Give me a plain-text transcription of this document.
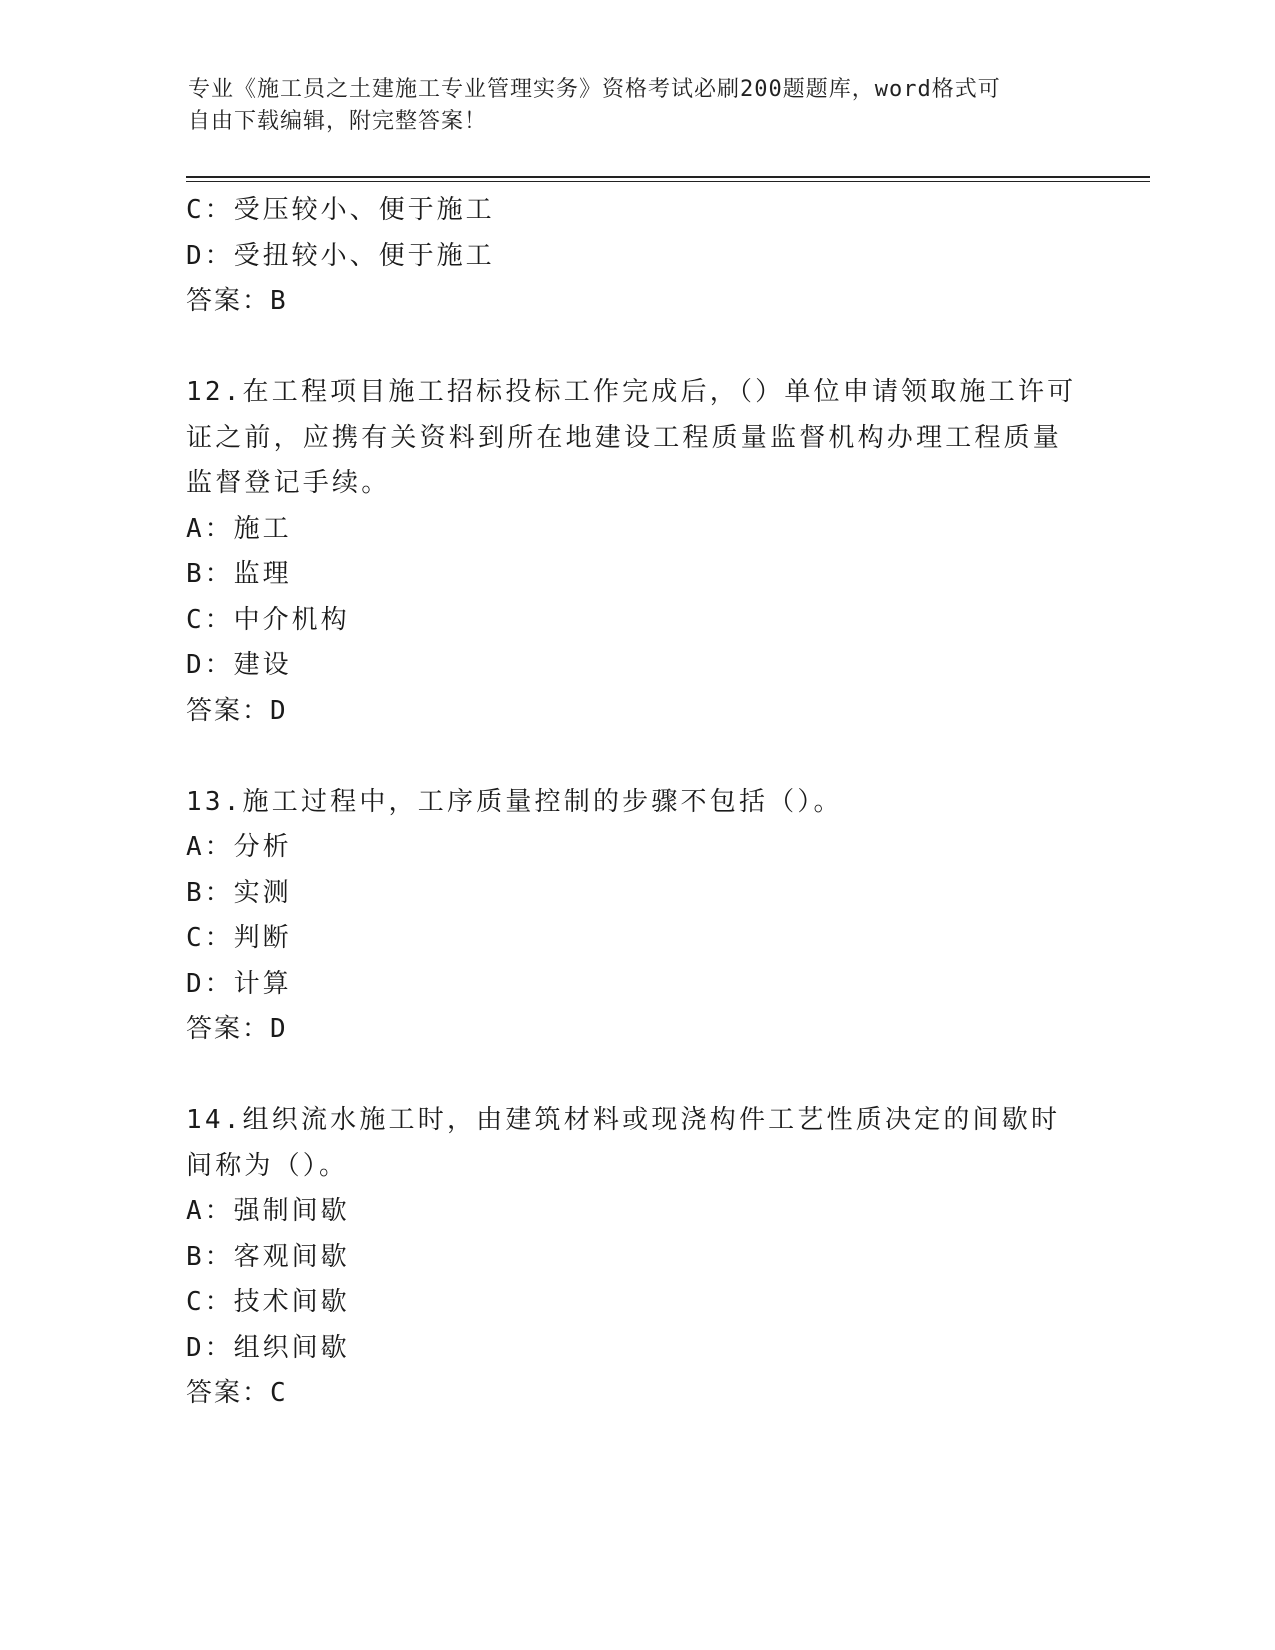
专业《施工员之土建施工专业管理实务》资格考试必刷200题题库，word格式可
自由下载编辑，附完整答案！

C：受压较小、便于施工

D：受扭较小、便于施工

答案：B

12.在工程项目施工招标投标工作完成后，（）单位申请领取施工许可证之前，应携有关资料到所在地建设工程质量监督机构办理工程质量监督登记手续。

A：施工

B：监理

C：中介机构

D：建设

答案：D

13.施工过程中，工序质量控制的步骤不包括（）。

A：分析

B：实测

C：判断

D：计算

答案：D

14.组织流水施工时，由建筑材料或现浇构件工艺性质决定的间歇时间称为（）。

A：强制间歇

B：客观间歇

C：技术间歇

D：组织间歇

答案：C
